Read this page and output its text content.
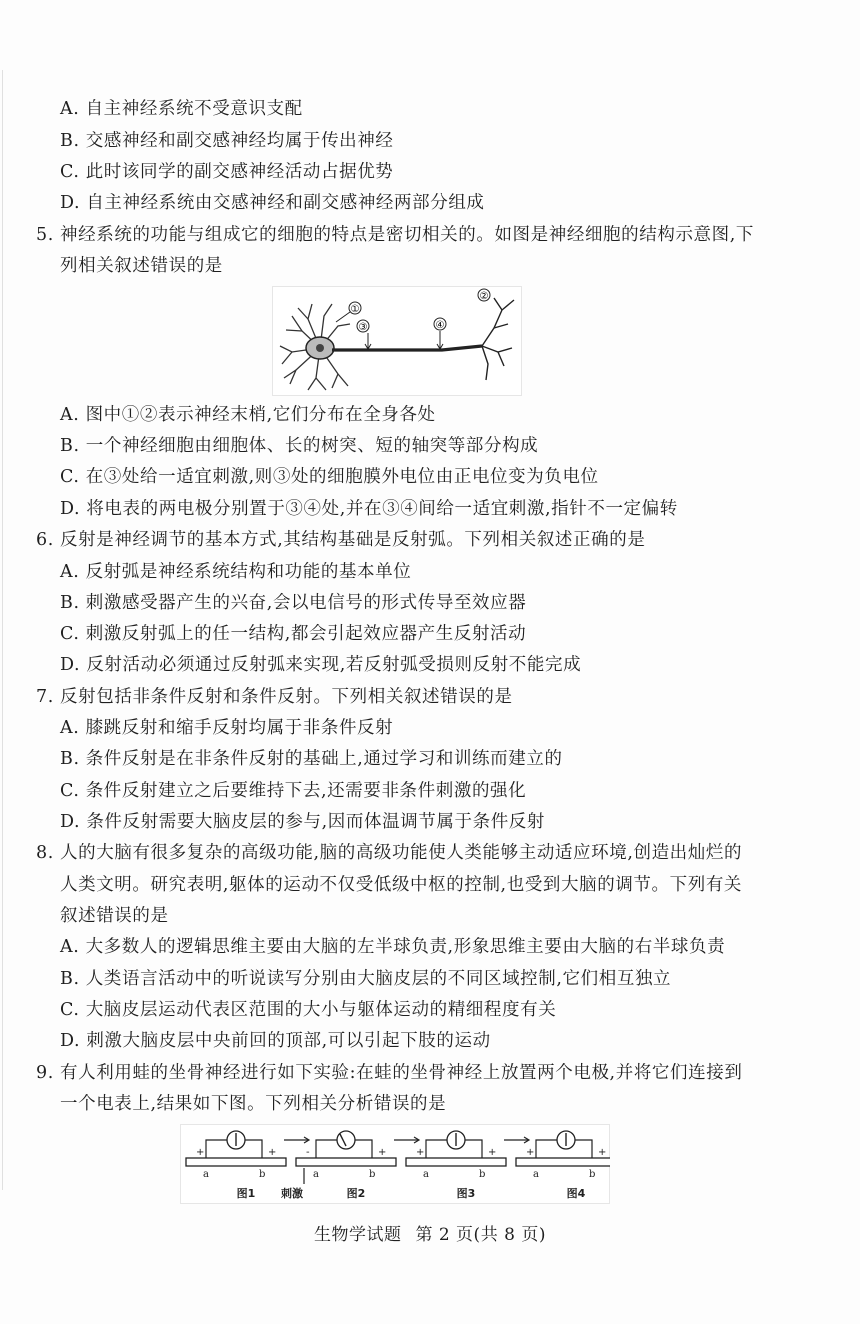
A. 自主神经系统不受意识支配
B. 交感神经和副交感神经均属于传出神经
C. 此时该同学的副交感神经活动占据优势
D. 自主神经系统由交感神经和副交感神经两部分组成
5. 神经系统的功能与组成它的细胞的特点是密切相关的。如图是神经细胞的结构示意图,下
列相关叙述错误的是
①
②
③	④
A. 图中①②表示神经末梢,它们分布在全身各处
B. 一个神经细胞由细胞体、长的树突、短的轴突等部分构成
C. 在③处给一适宜刺激,则③处的细胞膜外电位由正电位变为负电位
D. 将电表的两电极分别置于③④处,并在③④间给一适宜刺激,指针不一定偏转
6. 反射是神经调节的基本方式,其结构基础是反射弧。下列相关叙述正确的是
A. 反射弧是神经系统结构和功能的基本单位
B. 刺激感受器产生的兴奋,会以电信号的形式传导至效应器
C. 刺激反射弧上的任一结构,都会引起效应器产生反射活动
D. 反射活动必须通过反射弧来实现,若反射弧受损则反射不能完成
7. 反射包括非条件反射和条件反射。下列相关叙述错误的是
A. 膝跳反射和缩手反射均属于非条件反射
B. 条件反射是在非条件反射的基础上,通过学习和训练而建立的
C. 条件反射建立之后要维持下去,还需要非条件刺激的强化
D. 条件反射需要大脑皮层的参与,因而体温调节属于条件反射
8. 人的大脑有很多复杂的高级功能,脑的高级功能使人类能够主动适应环境,创造出灿烂的
人类文明。研究表明,躯体的运动不仅受低级中枢的控制,也受到大脑的调节。下列有关
叙述错误的是
A. 大多数人的逻辑思维主要由大脑的左半球负责,形象思维主要由大脑的右半球负责
B. 人类语言活动中的听说读写分别由大脑皮层的不同区域控制,它们相互独立
C. 大脑皮层运动代表区范围的大小与躯体运动的精细程度有关
D. 刺激大脑皮层中央前回的顶部,可以引起下肢的运动
9. 有人利用蛙的坐骨神经进行如下实验:在蛙的坐骨神经上放置两个电极,并将它们连接到
一个电表上,结果如下图。下列相关分析错误的是
+	+
a	b
图1
-	+
a	b
图2
刺激
+	+
a	b
图3
+	+
a	b
图4
生物学试题 第 2 页(共 8 页)
